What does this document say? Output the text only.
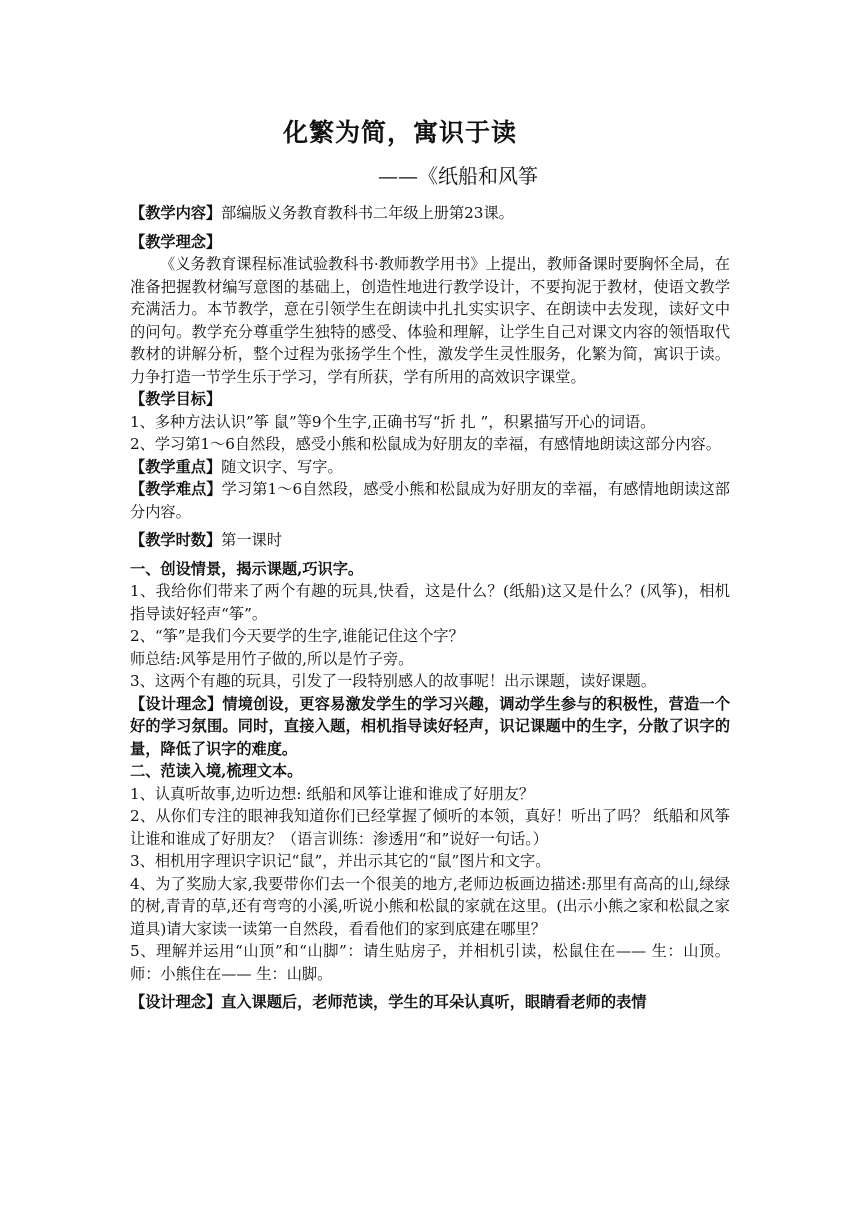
化繁为简，寓识于读
——《纸船和风筝

【教学内容】部编版义务教育教科书二年级上册第23课。

【教学理念】

《义务教育课程标准试验教科书·教师教学用书》上提出，教师备课时要胸怀全局，在准备把握教材编写意图的基础上，创造性地进行教学设计，不要拘泥于教材，使语文教学充满活力。本节教学，意在引领学生在朗读中扎扎实实识字、在朗读中去发现，读好文中的问句。教学充分尊重学生独特的感受、体验和理解，让学生自己对课文内容的领悟取代教材的讲解分析，整个过程为张扬学生个性，激发学生灵性服务，化繁为简，寓识于读。力争打造一节学生乐于学习，学有所获，学有所用的高效识字课堂。

【教学目标】

1、多种方法认识”筝 鼠”等9个生字,正确书写“折 扎 ”，积累描写开心的词语。

2、学习第1～6自然段，感受小熊和松鼠成为好朋友的幸福，有感情地朗读这部分内容。

【教学重点】随文识字、写字。

【教学难点】学习第1～6自然段，感受小熊和松鼠成为好朋友的幸福，有感情地朗读这部分内容。

【教学时数】第一课时

一、创设情景，揭示课题,巧识字。

1、我给你们带来了两个有趣的玩具,快看，这是什么？(纸船)这又是什么？(风筝)，相机指导读好轻声“筝”。

2、“筝”是我们今天要学的生字,谁能记住这个字？

师总结:风筝是用竹子做的,所以是竹子旁。

3、这两个有趣的玩具，引发了一段特别感人的故事呢！出示课题，读好课题。

【设计理念】情境创设，更容易激发学生的学习兴趣，调动学生参与的积极性，营造一个好的学习氛围。同时，直接入题，相机指导读好轻声，识记课题中的生字，分散了识字的量，降低了识字的难度。

二、范读入境,梳理文本。

1、认真听故事,边听边想: 纸船和风筝让谁和谁成了好朋友？

2、从你们专注的眼神我知道你们已经掌握了倾听的本领，真好！听出了吗？ 纸船和风筝让谁和谁成了好朋友？（语言训练：渗透用“和”说好一句话。）

3、相机用字理识字识记“鼠”，并出示其它的“鼠”图片和文字。

4、为了奖励大家,我要带你们去一个很美的地方,老师边板画边描述:那里有高高的山,绿绿的树,青青的草,还有弯弯的小溪,听说小熊和松鼠的家就在这里。(出示小熊之家和松鼠之家道具)请大家读一读第一自然段，看看他们的家到底建在哪里？

5、理解并运用“山顶”和“山脚”：请生贴房子，并相机引读，松鼠住在—— 生：山顶。 师：小熊住在—— 生：山脚。

【设计理念】直入课题后，老师范读，学生的耳朵认真听，眼睛看老师的表情
